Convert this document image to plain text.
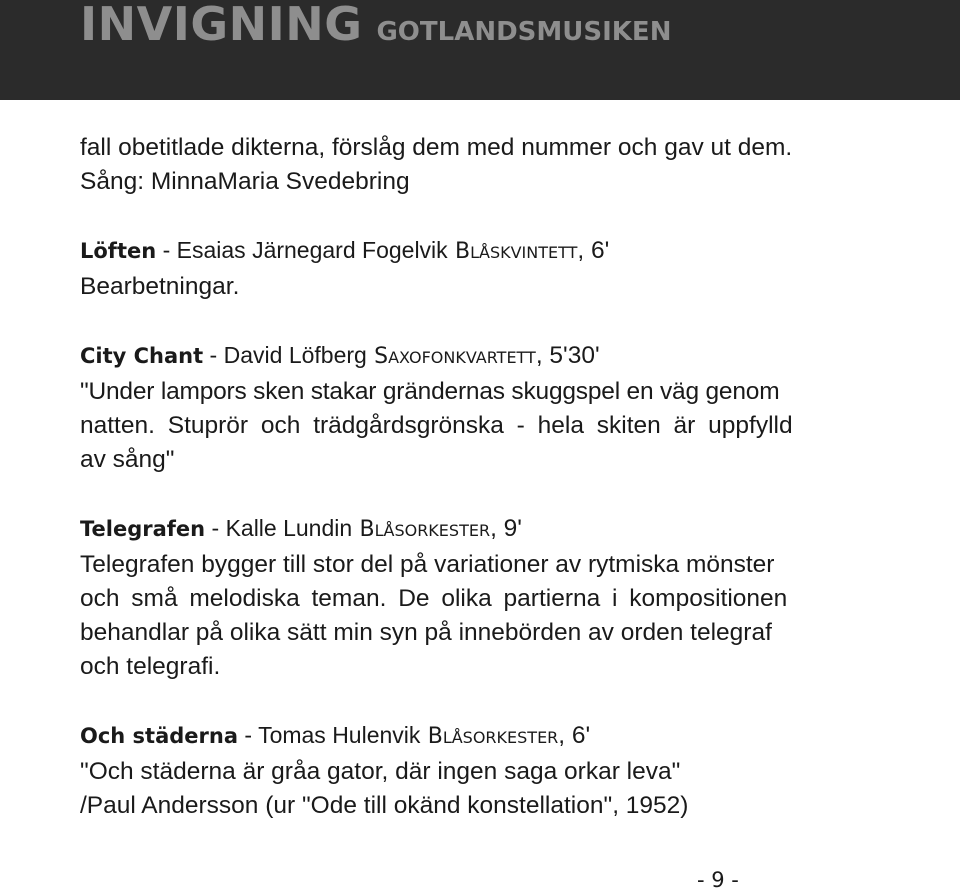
INVIGNING GOTLANDSMUSIKEN
fall obetitlade dikterna, förslåg dem med nummer och gav ut dem.
Sång: MinnaMaria Svedebring
Löften - Esaias Järnegard Fogelvik BLÅSKVINTETT, 6'
Bearbetningar.
City Chant - David Löfberg SAXOFONKVARTETT, 5'30'
"Under lampors sken stakar grändernas skuggspel en väg genom
natten. Stuprör och trädgårdsgrönska - hela skiten är uppfylld
av sång"
Telegrafen - Kalle Lundin BLÅSORKESTER, 9'
Telegrafen bygger till stor del på variationer av rytmiska mönster
och små melodiska teman. De olika partierna i kompositionen
behandlar på olika sätt min syn på innebörden av orden telegraf
och telegrafi.
Och städerna - Tomas Hulenvik BLÅSORKESTER, 6'
"Och städerna är gråa gator, där ingen saga orkar leva"
/Paul Andersson (ur "Ode till okänd konstellation", 1952)
- 9 -
